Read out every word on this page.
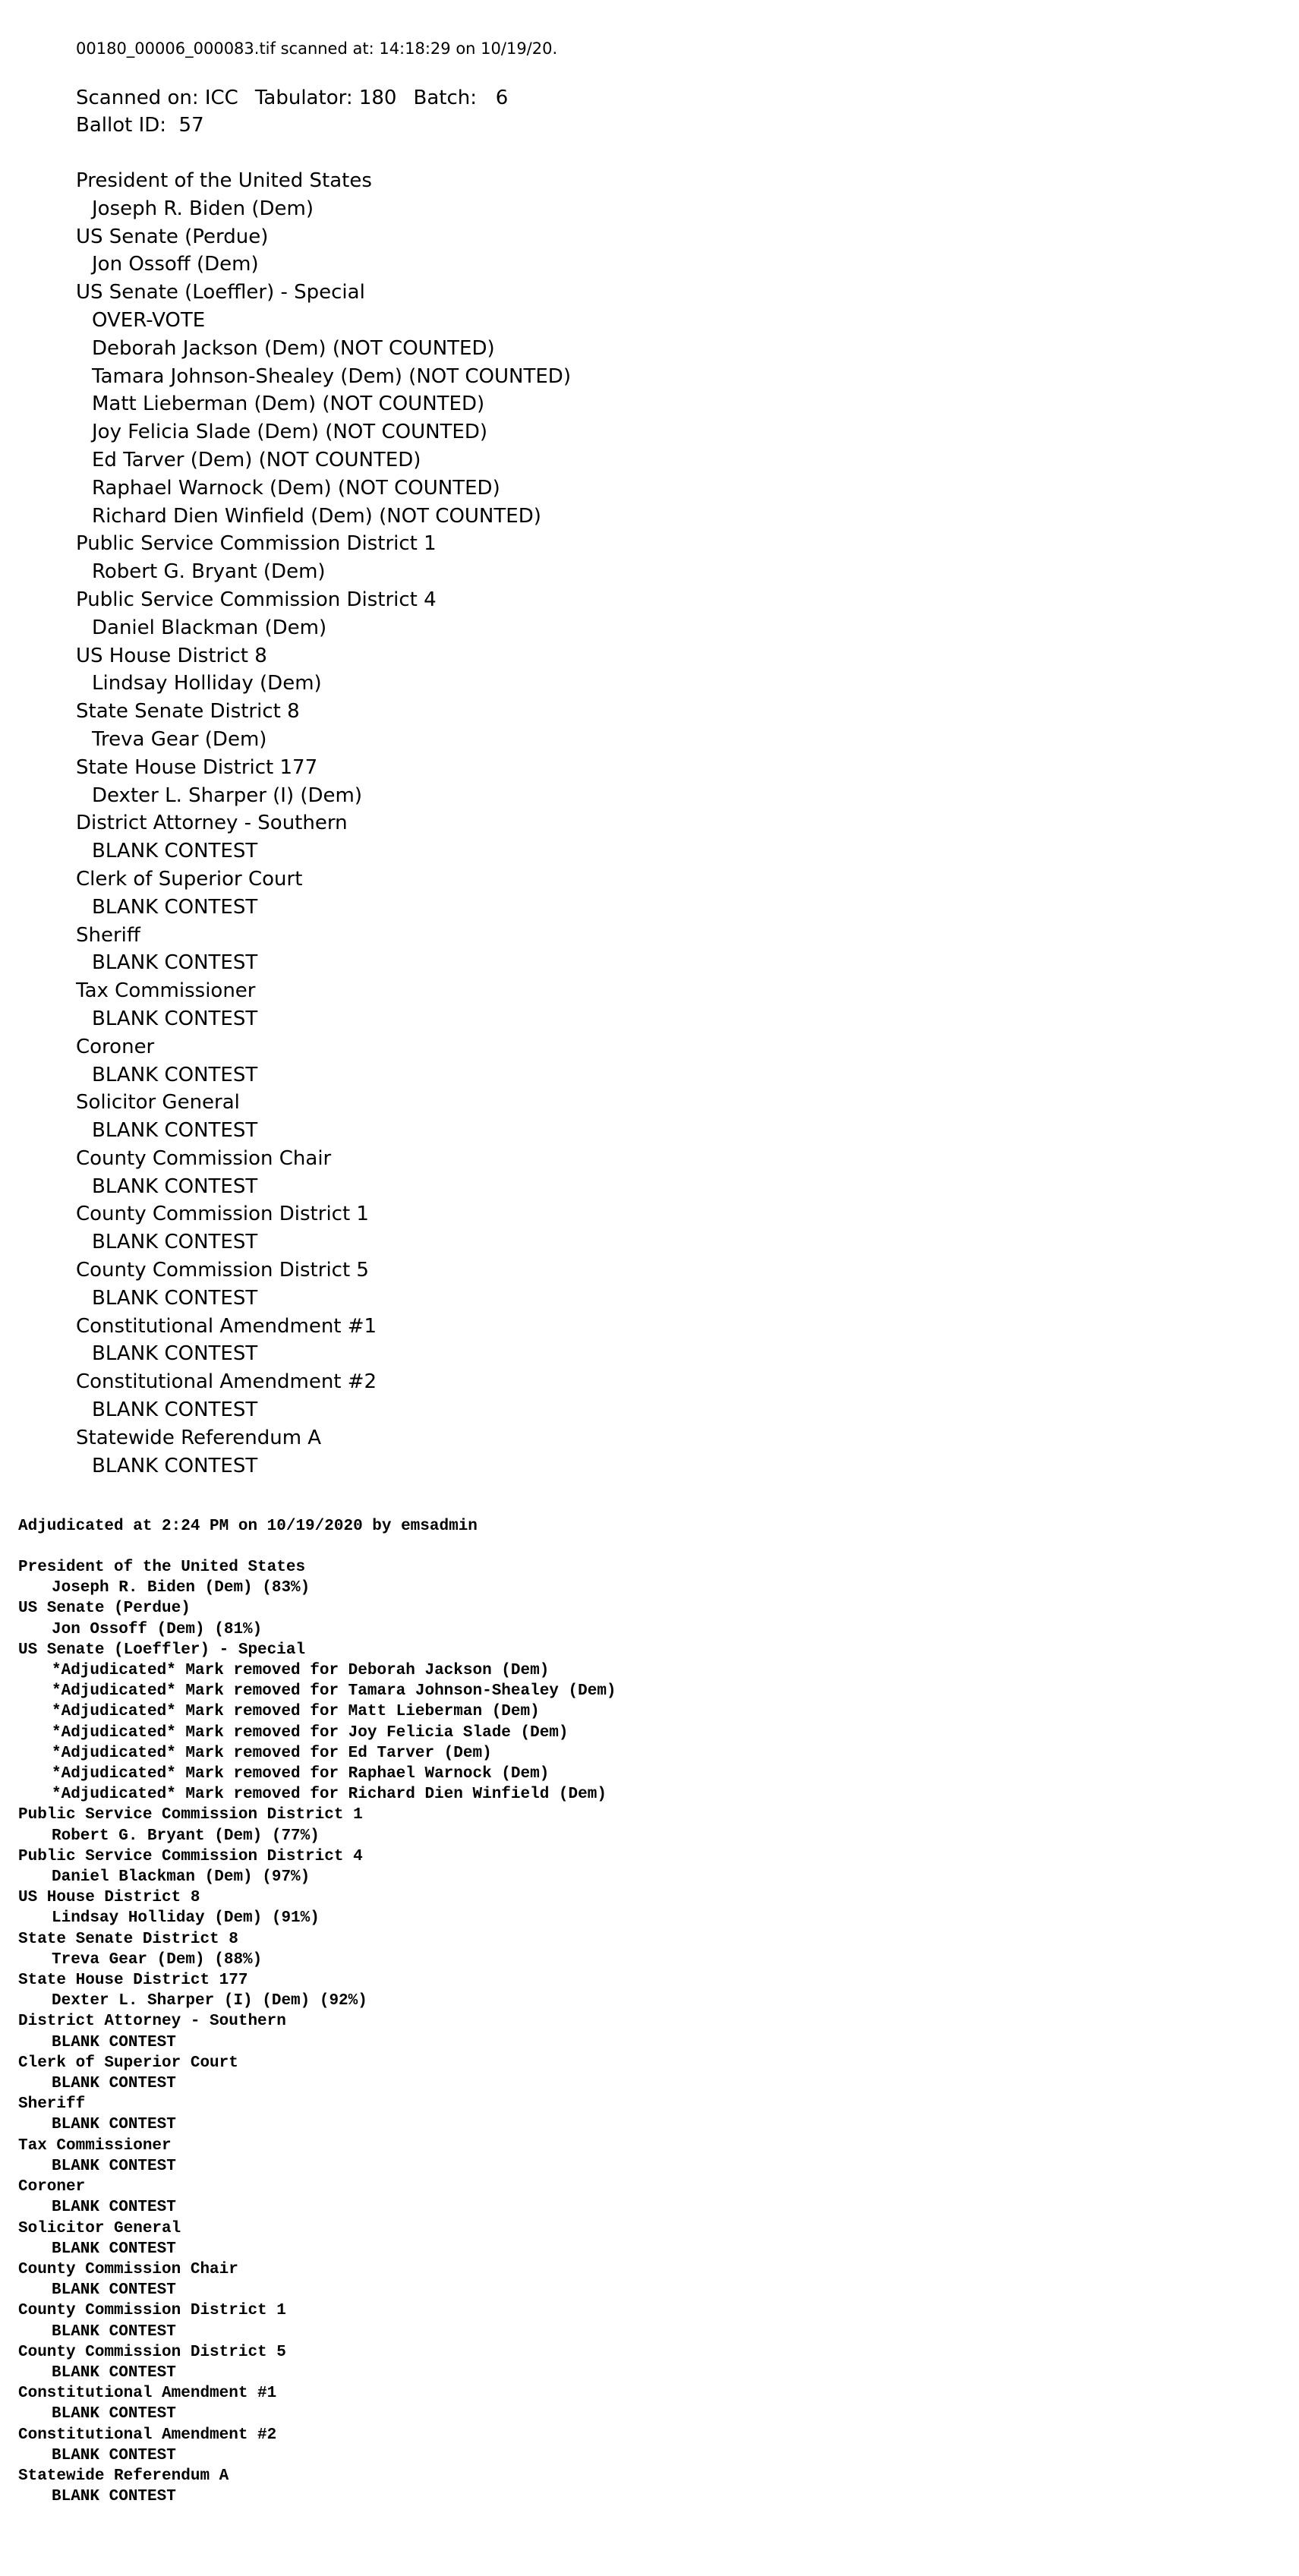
00180_00006_000083.tif scanned at: 14:18:29 on 10/19/20.

Scanned on: ICC Tabulator: 180 Batch:   6
Ballot ID:  57
President of the United States
Joseph R. Biden (Dem)
US Senate (Perdue)
Jon Ossoff (Dem)
US Senate (Loeffler) - Special
OVER-VOTE
Deborah Jackson (Dem) (NOT COUNTED)
Tamara Johnson-Shealey (Dem) (NOT COUNTED)
Matt Lieberman (Dem) (NOT COUNTED)
Joy Felicia Slade (Dem) (NOT COUNTED)
Ed Tarver (Dem) (NOT COUNTED)
Raphael Warnock (Dem) (NOT COUNTED)
Richard Dien Winfield (Dem) (NOT COUNTED)
Public Service Commission District 1
Robert G. Bryant (Dem)
Public Service Commission District 4
Daniel Blackman (Dem)
US House District 8
Lindsay Holliday (Dem)
State Senate District 8
Treva Gear (Dem)
State House District 177
Dexter L. Sharper (I) (Dem)
District Attorney - Southern
BLANK CONTEST
Clerk of Superior Court
BLANK CONTEST
Sheriff
BLANK CONTEST
Tax Commissioner
BLANK CONTEST
Coroner
BLANK CONTEST
Solicitor General
BLANK CONTEST
County Commission Chair
BLANK CONTEST
County Commission District 1
BLANK CONTEST
County Commission District 5
BLANK CONTEST
Constitutional Amendment #1
BLANK CONTEST
Constitutional Amendment #2
BLANK CONTEST
Statewide Referendum A
BLANK CONTEST

Adjudicated at 2:24 PM on 10/19/2020 by emsadmin

President of the United States
Joseph R. Biden (Dem) (83%)
US Senate (Perdue)
Jon Ossoff (Dem) (81%)
US Senate (Loeffler) - Special
*Adjudicated* Mark removed for Deborah Jackson (Dem)
*Adjudicated* Mark removed for Tamara Johnson-Shealey (Dem)
*Adjudicated* Mark removed for Matt Lieberman (Dem)
*Adjudicated* Mark removed for Joy Felicia Slade (Dem)
*Adjudicated* Mark removed for Ed Tarver (Dem)
*Adjudicated* Mark removed for Raphael Warnock (Dem)
*Adjudicated* Mark removed for Richard Dien Winfield (Dem)
Public Service Commission District 1
Robert G. Bryant (Dem) (77%)
Public Service Commission District 4
Daniel Blackman (Dem) (97%)
US House District 8
Lindsay Holliday (Dem) (91%)
State Senate District 8
Treva Gear (Dem) (88%)
State House District 177
Dexter L. Sharper (I) (Dem) (92%)
District Attorney - Southern
BLANK CONTEST
Clerk of Superior Court
BLANK CONTEST
Sheriff
BLANK CONTEST
Tax Commissioner
BLANK CONTEST
Coroner
BLANK CONTEST
Solicitor General
BLANK CONTEST
County Commission Chair
BLANK CONTEST
County Commission District 1
BLANK CONTEST
County Commission District 5
BLANK CONTEST
Constitutional Amendment #1
BLANK CONTEST
Constitutional Amendment #2
BLANK CONTEST
Statewide Referendum A
BLANK CONTEST
